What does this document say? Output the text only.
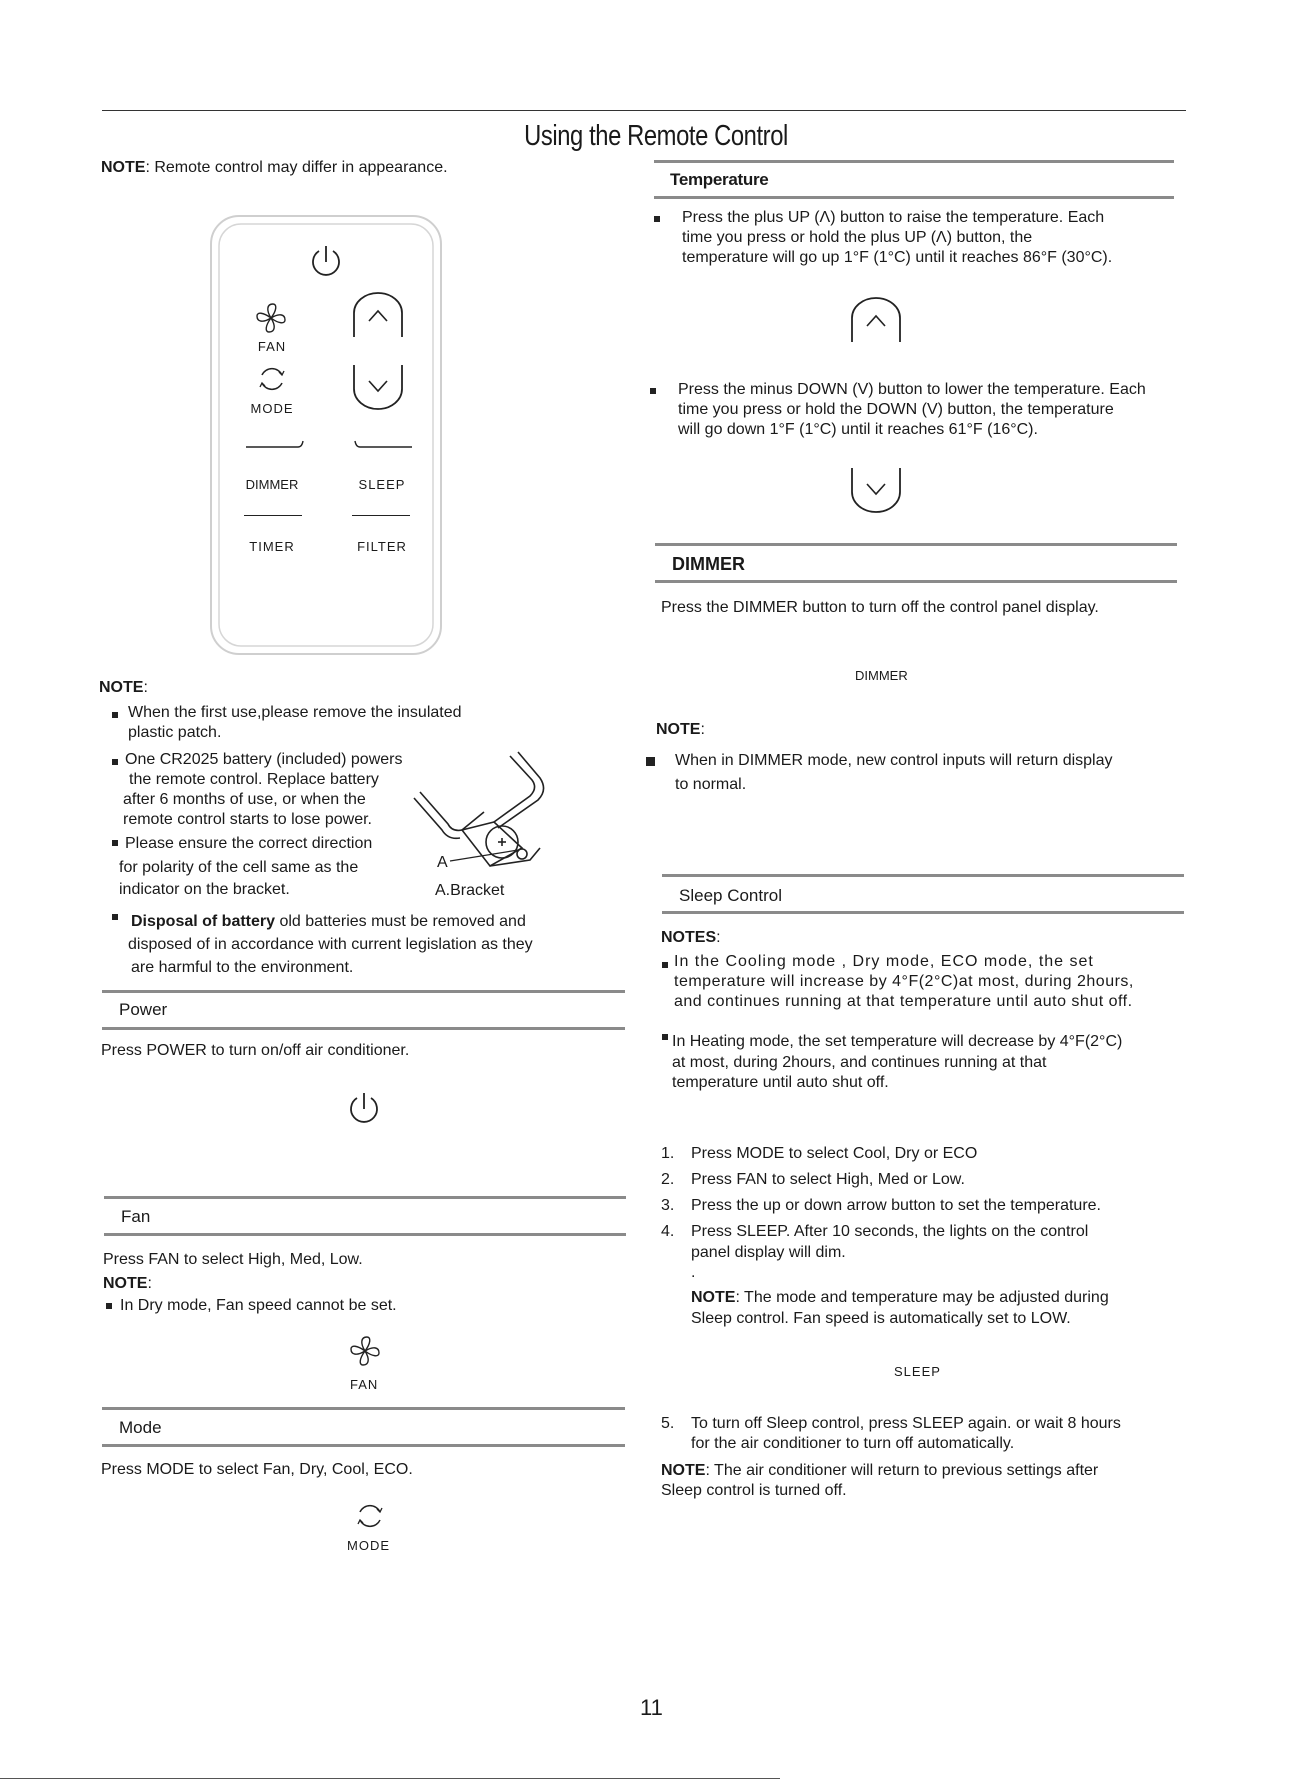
Using the Remote Control
NOTE: Remote control may differ in appearance.
FAN
MODE
DIMMER	SLEEP
TIMER	FILTER
NOTE:
When the first use,please remove the insulated
plastic patch.
One CR2025 battery (included) powers
the remote control. Replace battery
after 6 months of use, or when the
remote control starts to lose power.
Please ensure the correct direction
for polarity of the cell same as the
indicator on the bracket.
A
A.Bracket
Disposal of battery old batteries must be removed and
disposed of in accordance with current legislation as they
are harmful to the environment.
Power
Press POWER to turn on/off air conditioner.
Fan
Press FAN to select High, Med, Low.
NOTE:
In Dry mode, Fan speed cannot be set.
FAN
Mode
Press MODE to select Fan, Dry, Cool, ECO.
MODE
Temperature
Press the plus UP (Λ) button to raise the temperature. Each
time you press or hold the plus UP (Λ) button, the
temperature will go up 1°F (1°C) until it reaches 86°F (30°C).
Press the minus DOWN (V) button to lower the temperature. Each
time you press or hold the DOWN (V) button, the temperature
will go down 1°F (1°C) until it reaches 61°F (16°C).
DIMMER
Press the DIMMER button to turn off the control panel display.
DIMMER
NOTE:
When in DIMMER mode, new control inputs will return display
to normal.
Sleep Control
NOTES:
In the Cooling mode , Dry mode, ECO mode, the set
temperature will increase by 4°F(2°C)at most, during 2hours,
and continues running at that temperature until auto shut off.
In Heating mode, the set temperature will decrease by 4°F(2°C)
at most, during 2hours, and continues running at that
temperature until auto shut off.
1. Press MODE to select Cool, Dry or ECO
2. Press FAN to select High, Med or Low.
3. Press the up or down arrow button to set the temperature.
4. Press SLEEP. After 10 seconds, the lights on the control
panel display will dim.
.
NOTE: The mode and temperature may be adjusted during
Sleep control. Fan speed is automatically set to LOW.
SLEEP
5. To turn off Sleep control, press SLEEP again. or wait 8 hours
for the air conditioner to turn off automatically.
NOTE: The air conditioner will return to previous settings after
Sleep control is turned off.
11
